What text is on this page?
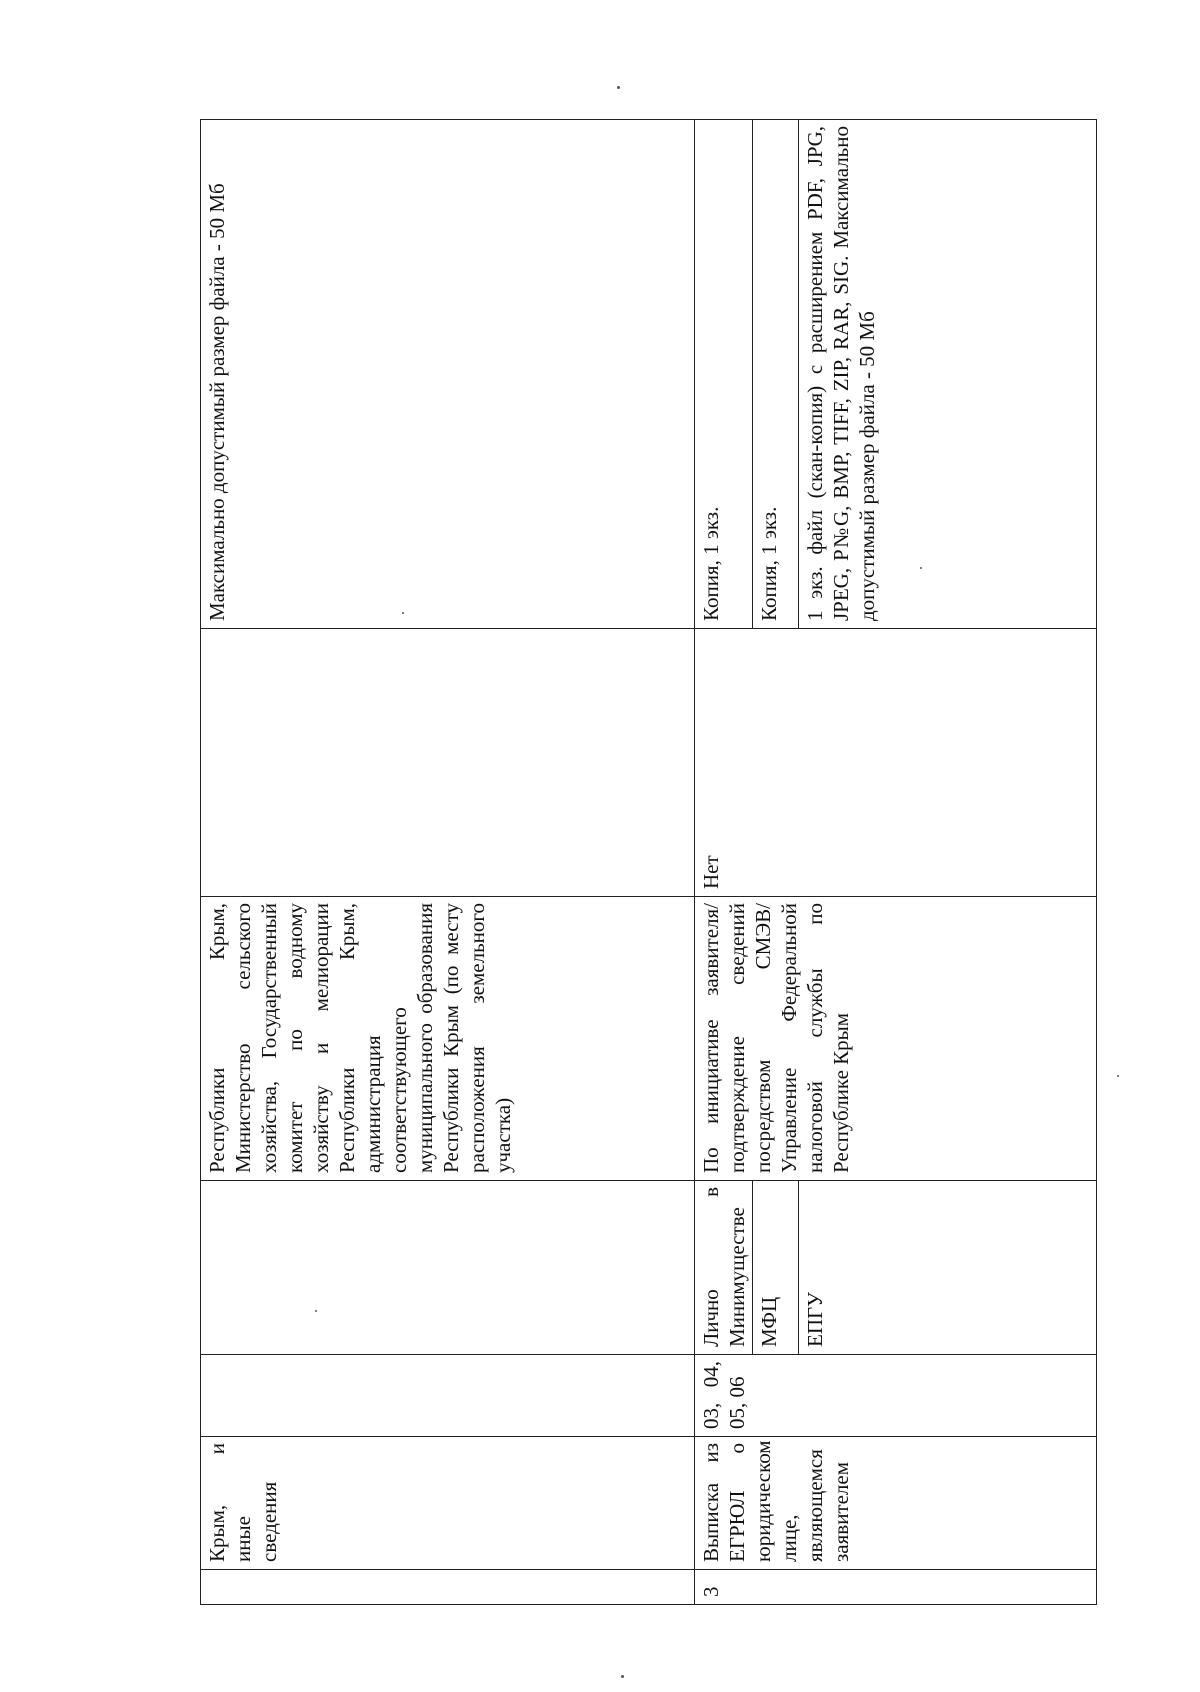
	Крым, и иные сведения			Республики Крым, Министерство сельского хозяйства, Государственный комитет по водному хозяйству и мелиорации Республики Крым, администрация соответствующего муниципального образования Республики Крым (по месту расположения земельного участка)		Максимально допустимый размер файла - 50 Мб
3	Выписка из ЕГРЮЛ о юридическом лице, являющемся заявителем	03, 04, 05, 06	Лично в Минимуществе	По инициативе заявителя/подтверждение сведений посредством СМЭВ/Управление Федеральной налоговой службы по Республике Крым	Нет	Копия, 1 экз.
			МФЦ			Копия, 1 экз.
			ЕПГУ			1 экз. файл (скан-копия) с расширением PDF, JPG, JPEG, P№G, BMP, TIFF, ZIP, RAR, SIG. Максимально допустимый размер файла - 50 Мб
